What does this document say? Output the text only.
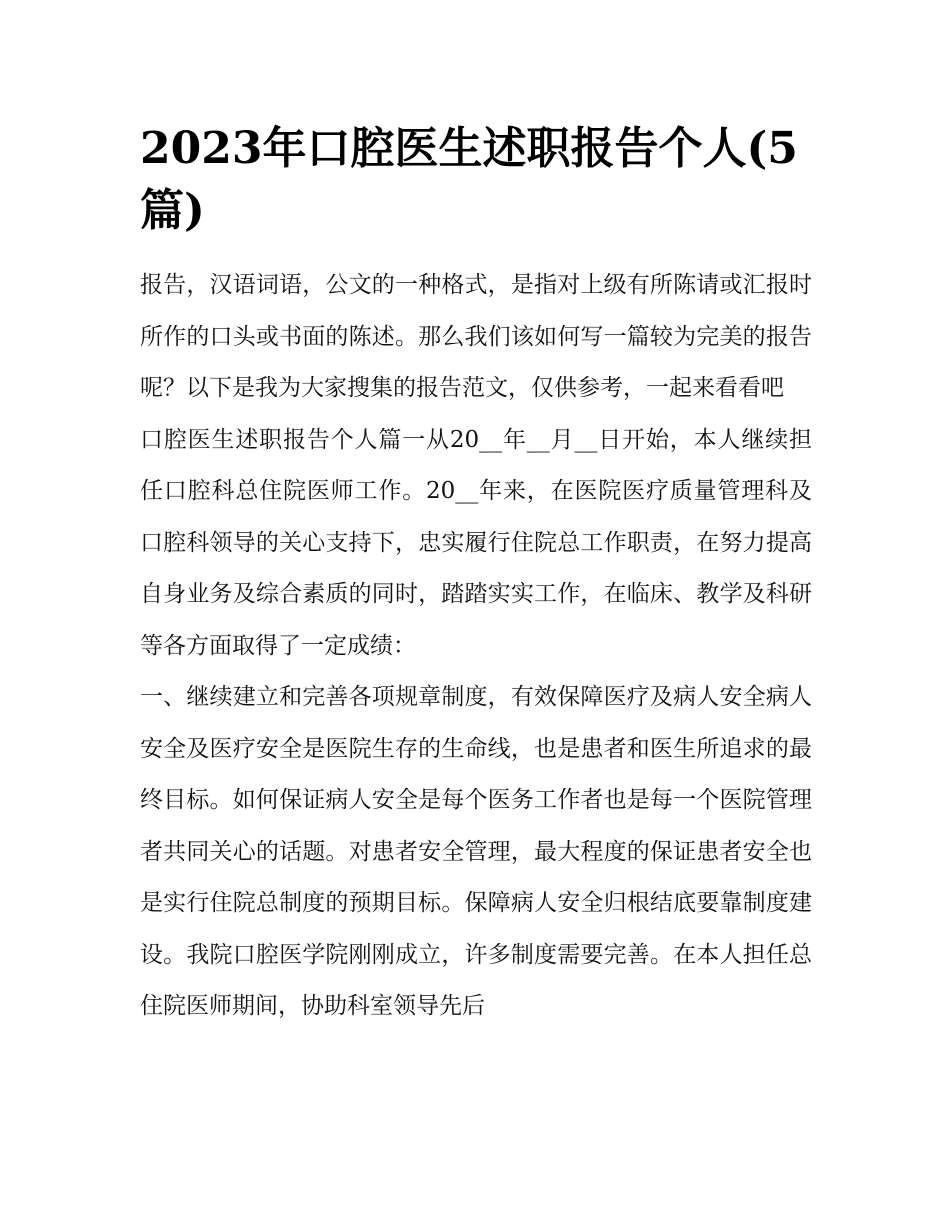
2023年口腔医生述职报告个人(5篇)

报告，汉语词语，公文的一种格式，是指对上级有所陈请或汇报时所作的口头或书面的陈述。那么我们该如何写一篇较为完美的报告呢？以下是我为大家搜集的报告范文，仅供参考，一起来看看吧

口腔医生述职报告个人篇一从20__年__月__日开始，本人继续担任口腔科总住院医师工作。20__年来，在医院医疗质量管理科及口腔科领导的关心支持下，忠实履行住院总工作职责，在努力提高自身业务及综合素质的同时，踏踏实实工作，在临床、教学及科研等各方面取得了一定成绩：

一、继续建立和完善各项规章制度，有效保障医疗及病人安全病人安全及医疗安全是医院生存的生命线，也是患者和医生所追求的最终目标。如何保证病人安全是每个医务工作者也是每一个医院管理者共同关心的话题。对患者安全管理，最大程度的保证患者安全也是实行住院总制度的预期目标。保障病人安全归根结底要靠制度建设。我院口腔医学院刚刚成立，许多制度需要完善。在本人担任总住院医师期间，协助科室领导先后
